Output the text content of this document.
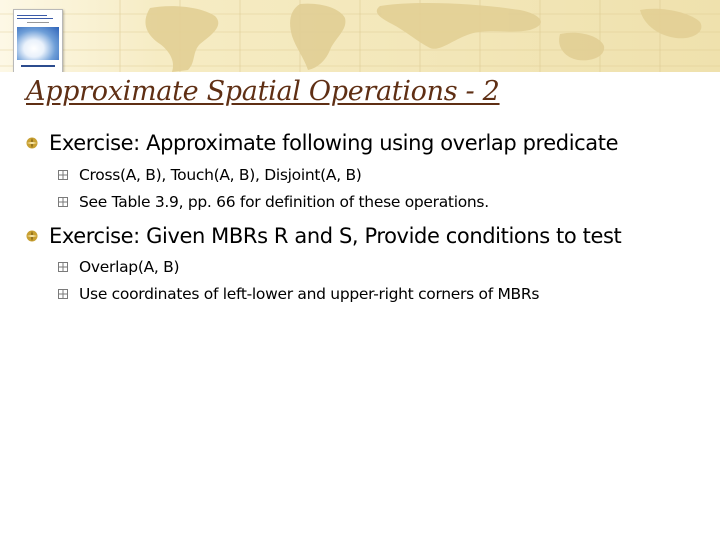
Approximate Spatial Operations - 2
Exercise: Approximate following using overlap predicate
Cross(A, B), Touch(A, B), Disjoint(A, B)
See Table 3.9, pp. 66 for definition of these operations.
Exercise: Given MBRs R and S, Provide conditions to test
Overlap(A, B)
Use coordinates of left-lower and upper-right corners of MBRs
